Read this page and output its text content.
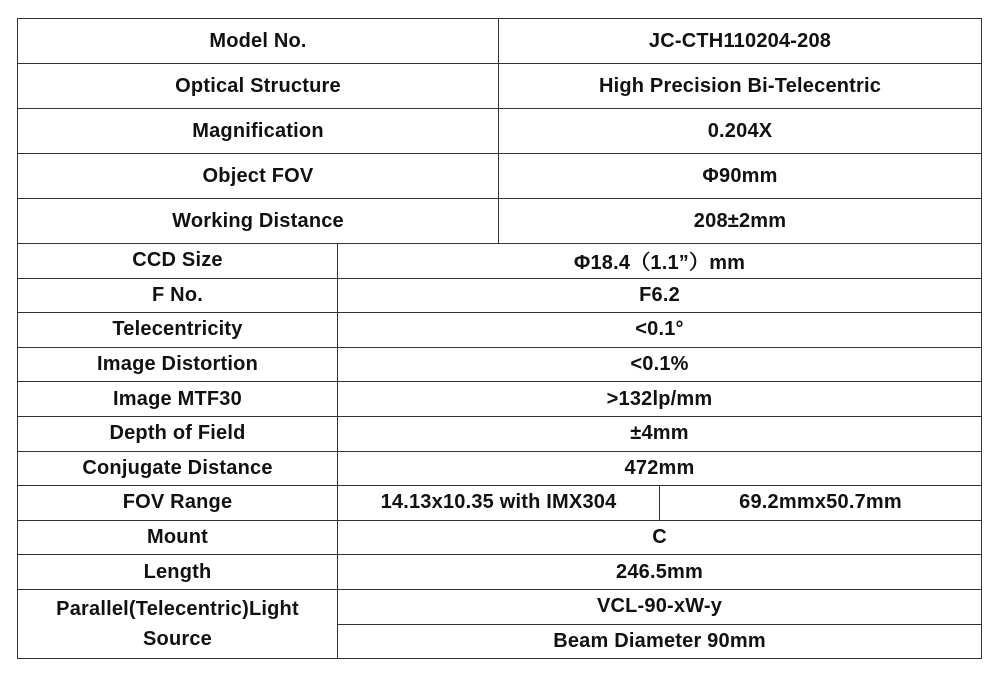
Model No.		JC-CTH110204-208	
Optical Structure		High Precision Bi-Telecentric	
Magnification		0.204X	
Object FOV		Φ90mm	
Working Distance		208±2mm	
CCD Size	Φ18.4（1.1”）mm		
F No.	F6.2		
Telecentricity	<0.1°		
Image Distortion	<0.1%		
Image MTF30	>132lp/mm		
Depth of Field	±4mm		
Conjugate Distance	472mm		
FOV Range	14.13x10.35 with IMX304		69.2mmx50.7mm
Mount	C		
Length	246.5mm		

Parallel(Telecentric)Light
Source	VCL-90-xW-y		
	Beam Diameter 90mm		
